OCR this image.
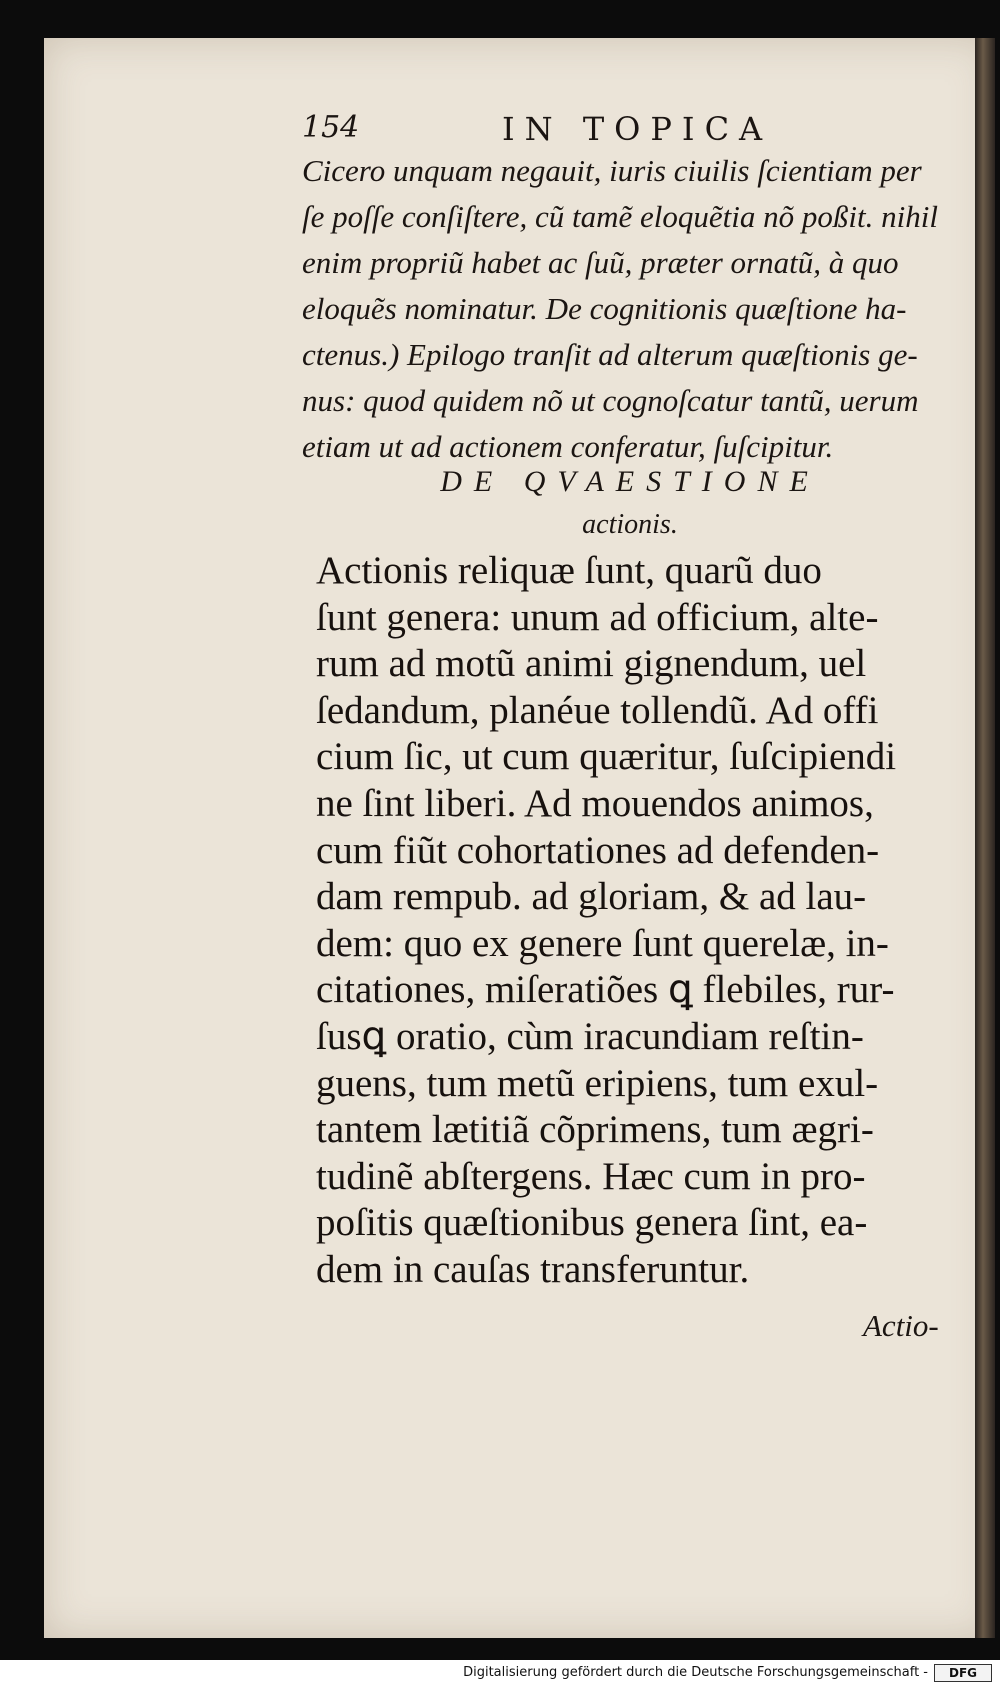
154	IN TOPICA
Cicero unquam negauit, iuris ciuilis ſcientiam per
ſe poſſe conſiſtere, cũ tamẽ eloquẽtia nõ poßit. nihil
enim propriũ habet ac ſuũ, præter ornatũ, à quo
eloquẽs nominatur. De cognitionis quæſtione ha-
ctenus.) Epilogo tranſit ad alterum quæſtionis ge-
nus: quod quidem nõ ut cognoſcatur tantũ, uerum
etiam ut ad actionem conferatur, ſuſcipitur.
DE QVAESTIONE
actionis.
Actionis reliquæ ſunt, quarũ duo
ſunt genera: unum ad officium, alte-
rum ad motũ animi gignendum, uel
ſedandum, planéue tollendũ. Ad offi
cium ſic, ut cum quæritur, ſuſcipiendi
ne ſint liberi. Ad mouendos animos,
cum fiũt cohortationes ad defenden-
dam rempub. ad gloriam, & ad lau-
dem: quo ex genere ſunt querelæ, in-
citationes, miſeratiões ꝗ flebiles, rur-
ſusꝗ oratio, cùm iracundiam reſtin-
guens, tum metũ eripiens, tum exul-
tantem lætitiã cõprimens, tum ægri-
tudinẽ abſtergens. Hæc cum in pro-
poſitis quæſtionibus genera ſint, ea-
dem in cauſas transferuntur.
Actio-
Digitalisierung gefördert durch die Deutsche Forschungsgemeinschaft -	DFG
